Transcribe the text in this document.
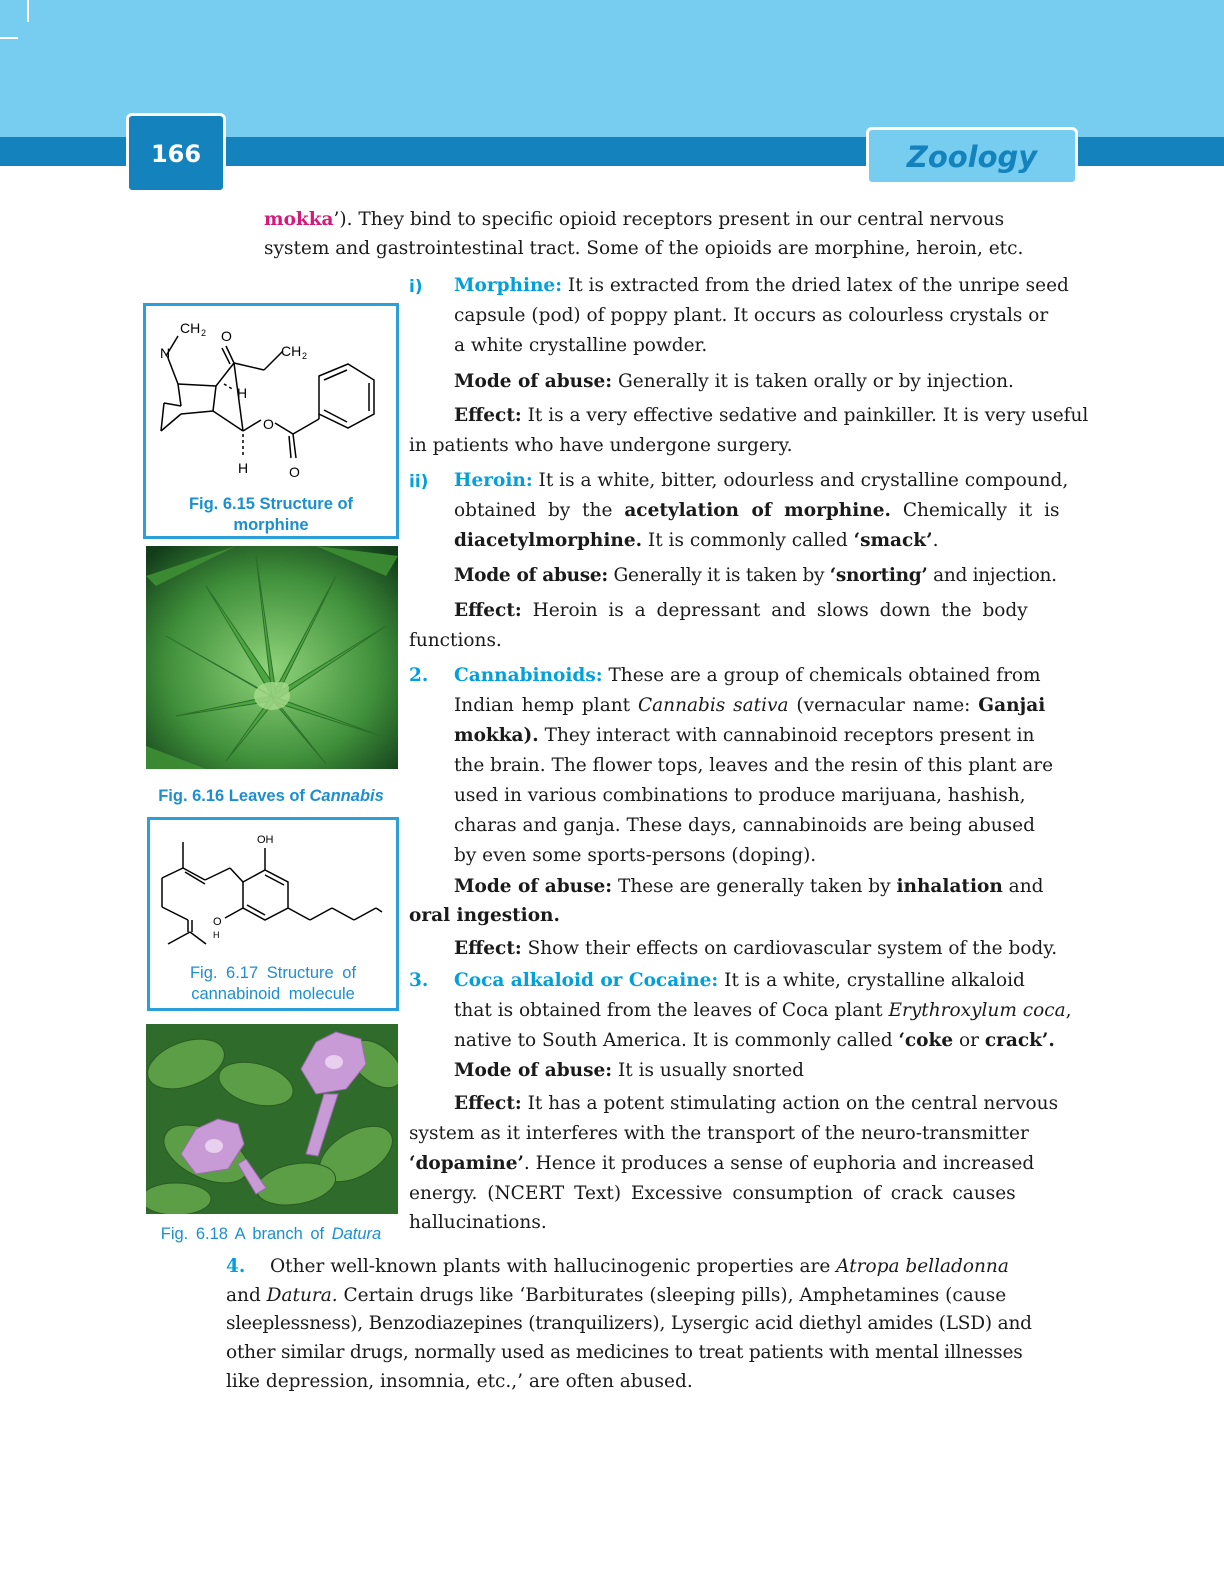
166	Zoology
mokka’). They bind to specific opioid receptors present in our central nervous
system and gastrointestinal tract. Some of the opioids are morphine, heroin, etc.
i) Morphine: It is extracted from the dried latex of the unripe seed
capsule (pod) of poppy plant. It occurs as colourless crystals or
a white crystalline powder.
Mode of abuse: Generally it is taken orally or by injection.
Effect: It is a very effective sedative and painkiller. It is very useful
in patients who have undergone surgery.
ii) Heroin: It is a white, bitter, odourless and crystalline compound,
obtained by the acetylation of morphine. Chemically it is
diacetylmorphine. It is commonly called ‘smack’.
Mode of abuse: Generally it is taken by ‘snorting’ and injection.
Effect: Heroin is a depressant and slows down the body
functions.
2. Cannabinoids: These are a group of chemicals obtained from
Indian hemp plant Cannabis sativa (vernacular name: Ganjai
mokka). They interact with cannabinoid receptors present in
the brain. The flower tops, leaves and the resin of this plant are
used in various combinations to produce marijuana, hashish,
charas and ganja. These days, cannabinoids are being abused
by even some sports-persons (doping).
Mode of abuse: These are generally taken by inhalation and
oral ingestion.
Effect: Show their effects on cardiovascular system of the body.
3. Coca alkaloid or Cocaine: It is a white, crystalline alkaloid
that is obtained from the leaves of Coca plant Erythroxylum coca,
native to South America. It is commonly called ‘coke or crack’.
Mode of abuse: It is usually snorted
Effect: It has a potent stimulating action on the central nervous
system as it interferes with the transport of the neuro-transmitter
‘dopamine’. Hence it produces a sense of euphoria and increased
energy. (NCERT Text) Excessive consumption of crack causes
hallucinations.
4. Other well-known plants with hallucinogenic properties are Atropa belladonna
and Datura. Certain drugs like ‘Barbiturates (sleeping pills), Amphetamines (cause
sleeplessness), Benzodiazepines (tranquilizers), Lysergic acid diethyl amides (LSD) and
other similar drugs, normally used as medicines to treat patients with mental illnesses
like depression, insomnia, etc.,’ are often abused.
CH 2
N
O
CH 2
H
O
H	O
Fig. 6.15 Structure of
morphine
Fig. 6.16 Leaves of Cannabis
OH
O
H
Fig. 6.17 Structure of
cannabinoid molecule
Fig. 6.18 A branch of Datura
